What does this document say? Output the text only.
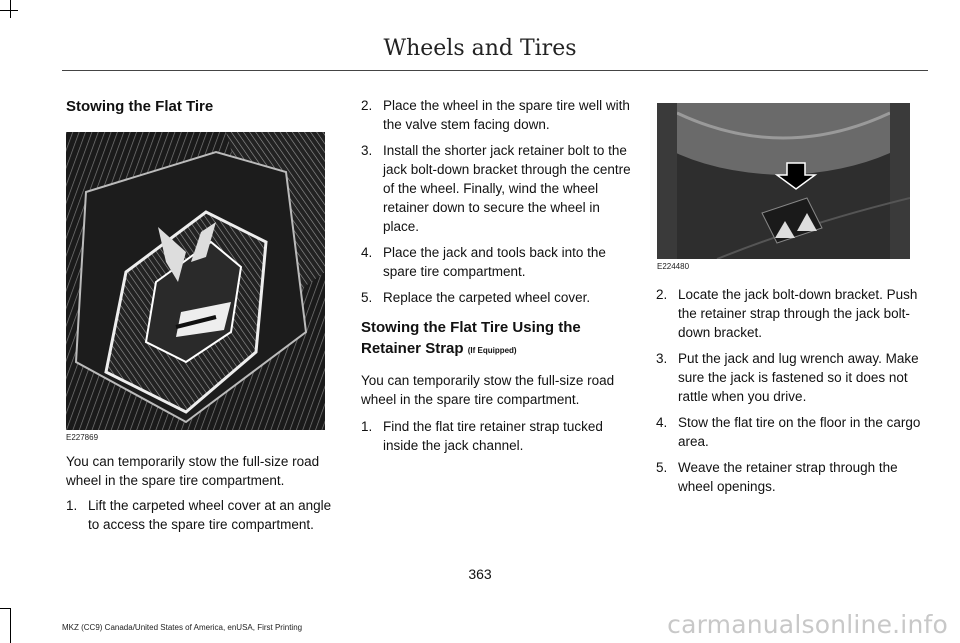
Wheels and Tires
Stowing the Flat Tire
E227869

You can temporarily stow the full-size road wheel in the spare tire compartment.

1. Lift the carpeted wheel cover at an angle to access the spare tire compartment.
2. Place the wheel in the spare tire well with the valve stem facing down.
3. Install the shorter jack retainer bolt to the jack bolt-down bracket through the centre of the wheel. Finally, wind the wheel retainer down to secure the wheel in place.
4. Place the jack and tools back into the spare tire compartment.
5. Replace the carpeted wheel cover.
Stowing the Flat Tire Using the Retainer Strap (If Equipped)

You can temporarily stow the full-size road wheel in the spare tire compartment.

1. Find the flat tire retainer strap tucked inside the jack channel.
E224480
2. Locate the jack bolt-down bracket. Push the retainer strap through the jack bolt-down bracket.
3. Put the jack and lug wrench away. Make sure the jack is fastened so it does not rattle when you drive.
4. Stow the flat tire on the floor in the cargo area.
5. Weave the retainer strap through the wheel openings.
363
MKZ (CC9) Canada/United States of America, enUSA, First Printing	carmanualsonline.info
